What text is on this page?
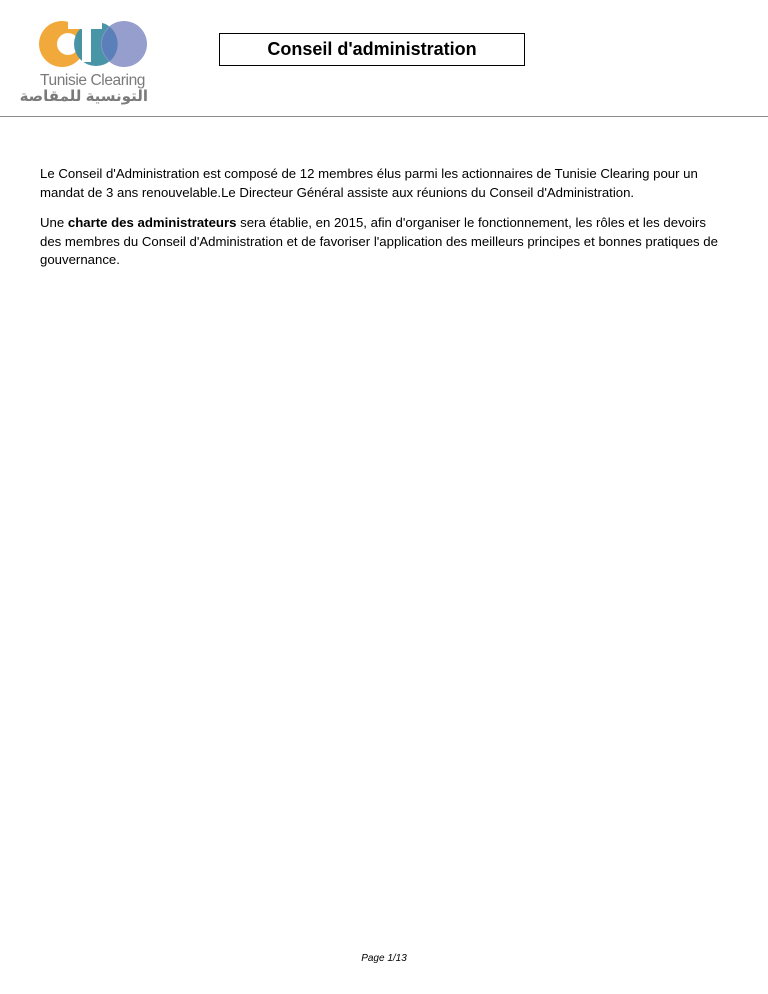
Tunisie Clearing
التونسية للمقاصة
Conseil d'administration

Le Conseil d'Administration est composé de 12 membres élus parmi les actionnaires de Tunisie Clearing pour un mandat de 3 ans renouvelable.Le Directeur Général assiste aux réunions du Conseil d'Administration.

Une charte des administrateurs sera établie, en 2015, afin d'organiser le fonctionnement, les rôles et les devoirs des membres du Conseil d'Administration et de favoriser l'application des meilleurs principes et bonnes pratiques de gouvernance.

Page 1/13
